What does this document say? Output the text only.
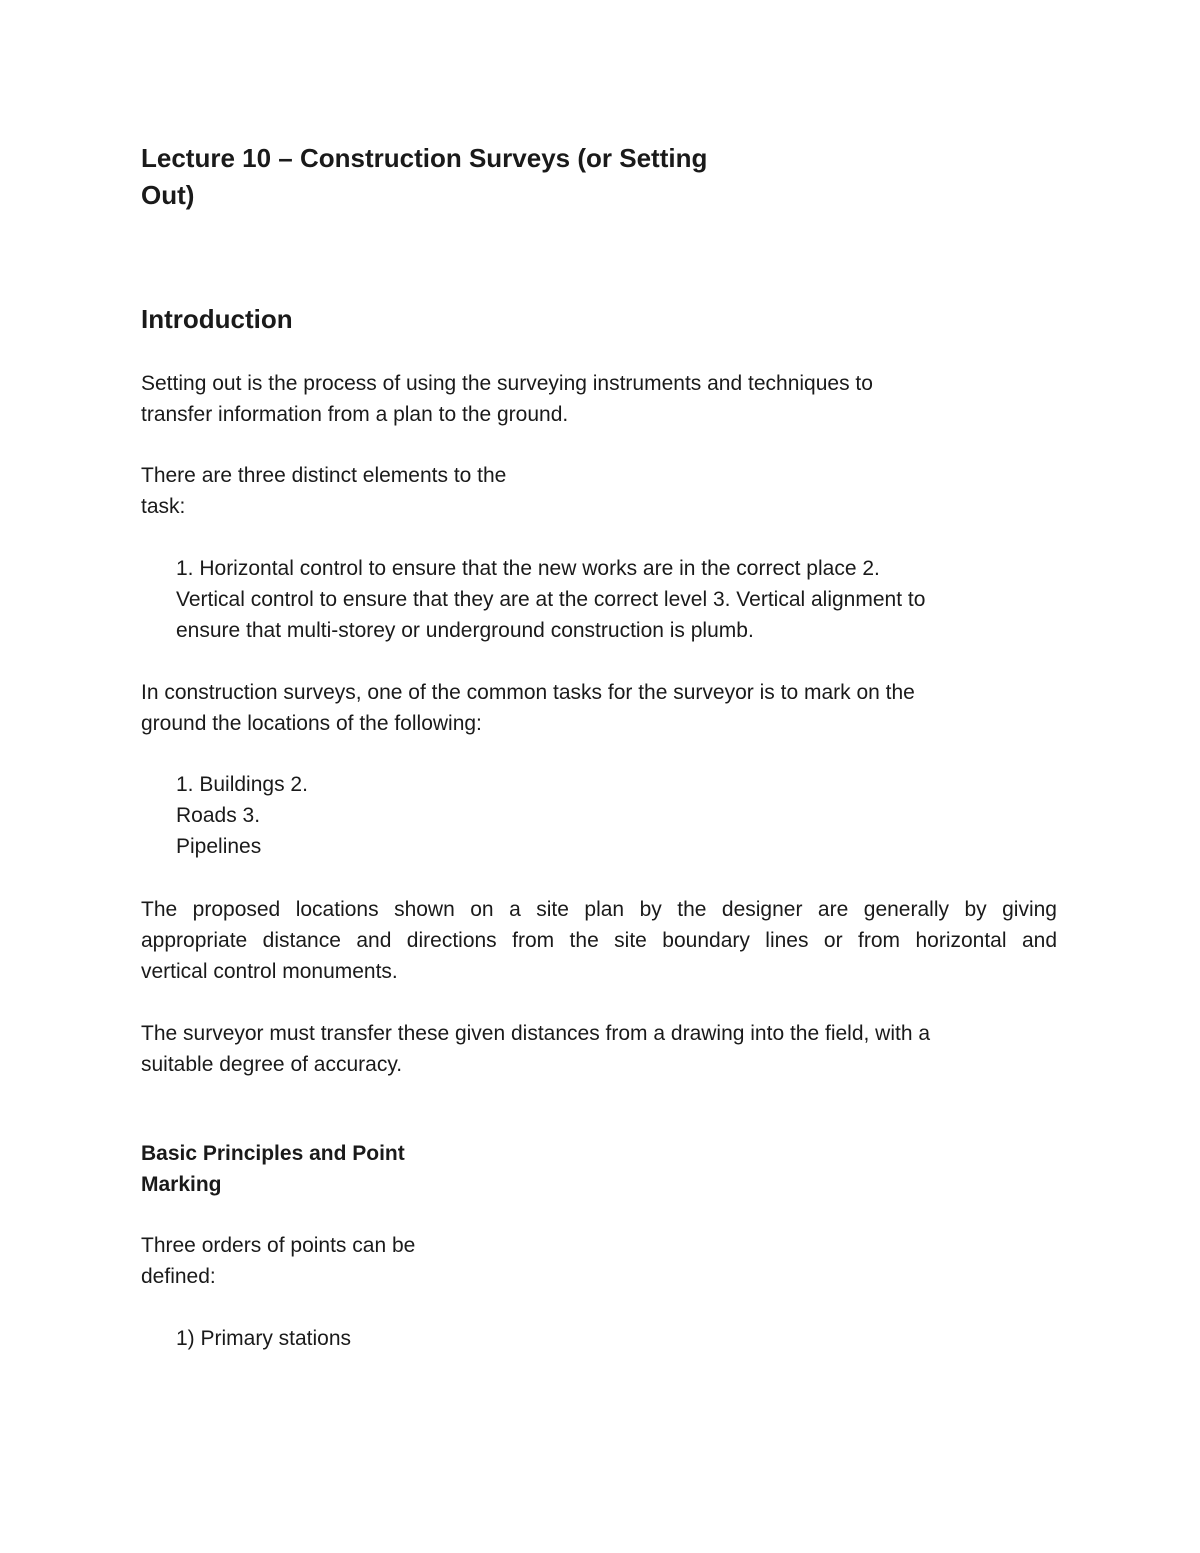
Lecture 10 – Construction Surveys (or Setting
Out)
Introduction

Setting out is the process of using the surveying instruments and techniques to
transfer information from a plan to the ground.

There are three distinct elements to the
task:

1. Horizontal control to ensure that the new works are in the correct place 2.
Vertical control to ensure that they are at the correct level 3. Vertical alignment to
ensure that multi-storey or underground construction is plumb.

In construction surveys, one of the common tasks for the surveyor is to mark on the
ground the locations of the following:

1. Buildings 2.
Roads 3.
Pipelines

The proposed locations shown on a site plan by the designer are generally by giving
appropriate distance and directions from the site boundary lines or from horizontal and
vertical control monuments.

The surveyor must transfer these given distances from a drawing into the field, with a
suitable degree of accuracy.

Basic Principles and Point
Marking

Three orders of points can be
defined:

1) Primary stations
